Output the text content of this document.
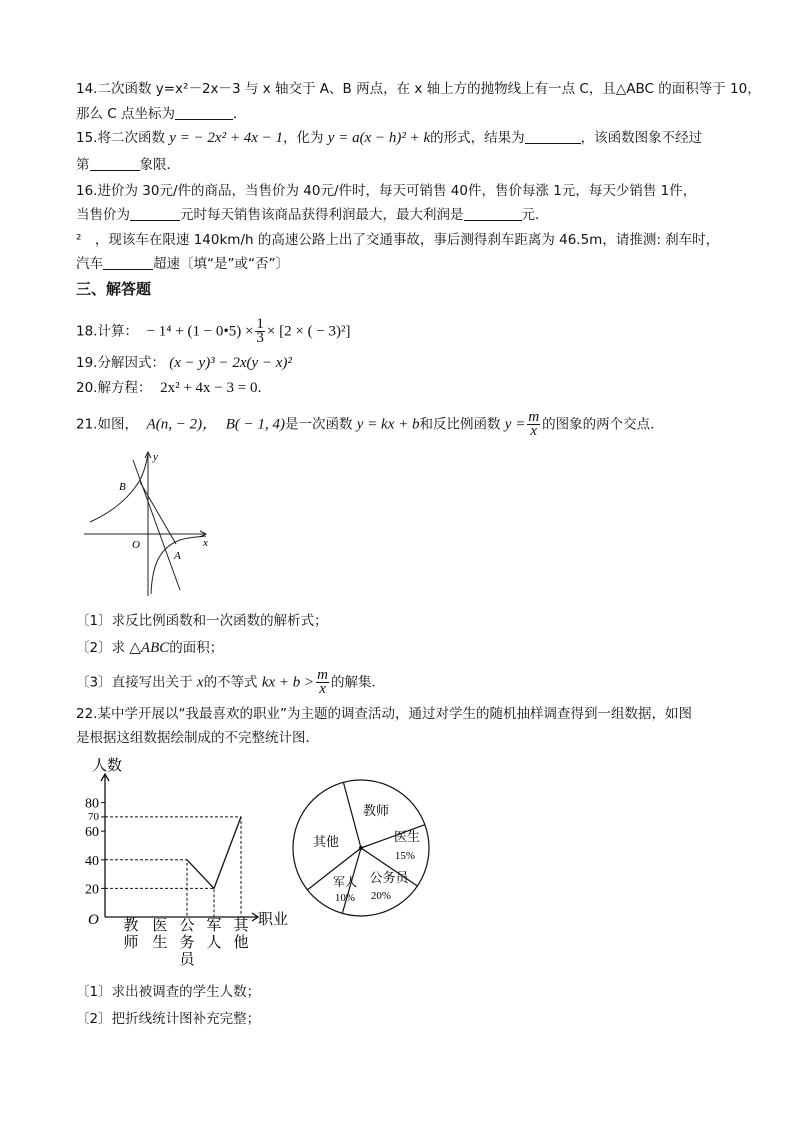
14.二次函数 y=x²－2x－3 与 x 轴交于 A、B 两点，在 x 轴上方的抛物线上有一点 C，且△ABC 的面积等于 10，
那么 C 点坐标为	．
15.将二次函数 y = − 2x² + 4x − 1，化为 y = a(x − h)² + k的形式，结果为	，该函数图象不经过
第	象限．
16.进价为 30元/件的商品，当售价为 40元/件时，每天可销售 40件，售价每涨 1元，每天少销售 1件，
当售价为	元时每天销售该商品获得利润最大，最大利润是	元．
²　，现该车在限速 140km/h 的高速公路上出了交通事故，事后测得刹车距离为 46.5m，请推测: 刹车时，
汽车	超速〔填“是”或“否”〕
三、解答题
18.计算： − 1⁴ + (1 − 0•5) × $\frac{1}{3} \times [2$ × ( − 3)²]
19.分解因式： (x − y)³ − 2x(y − x)²
20.解方程： 2x² + 4x − 3 = 0．
21.如图， A(n, − 2)， B( − 1, 4)是一次函数 y = kx + b和反比例函数 $y = \frac{m}{x}$ 的图象的两个交点．
y
x
O
A
B
〔1〕求反比例函数和一次函数的解析式；
〔2〕求 △ABC的面积；
〔3〕直接写出关于 x的不等式 kx + $b > \frac{m}{x}$ 的解集．
22.某中学开展以“我最喜欢的职业”为主题的调查活动，通过对学生的随机抽样调查得到一组数据，如图
是根据这组数据绘制成的不完整统计图．
人数
职业
O
80
70
60
40
20
教
师
医
生
公
务
员
军
人
其
他
教师
医生
15%
公务员
20%
军人
10%
其他
〔1〕求出被调查的学生人数；
〔2〕把折线统计图补充完整；
